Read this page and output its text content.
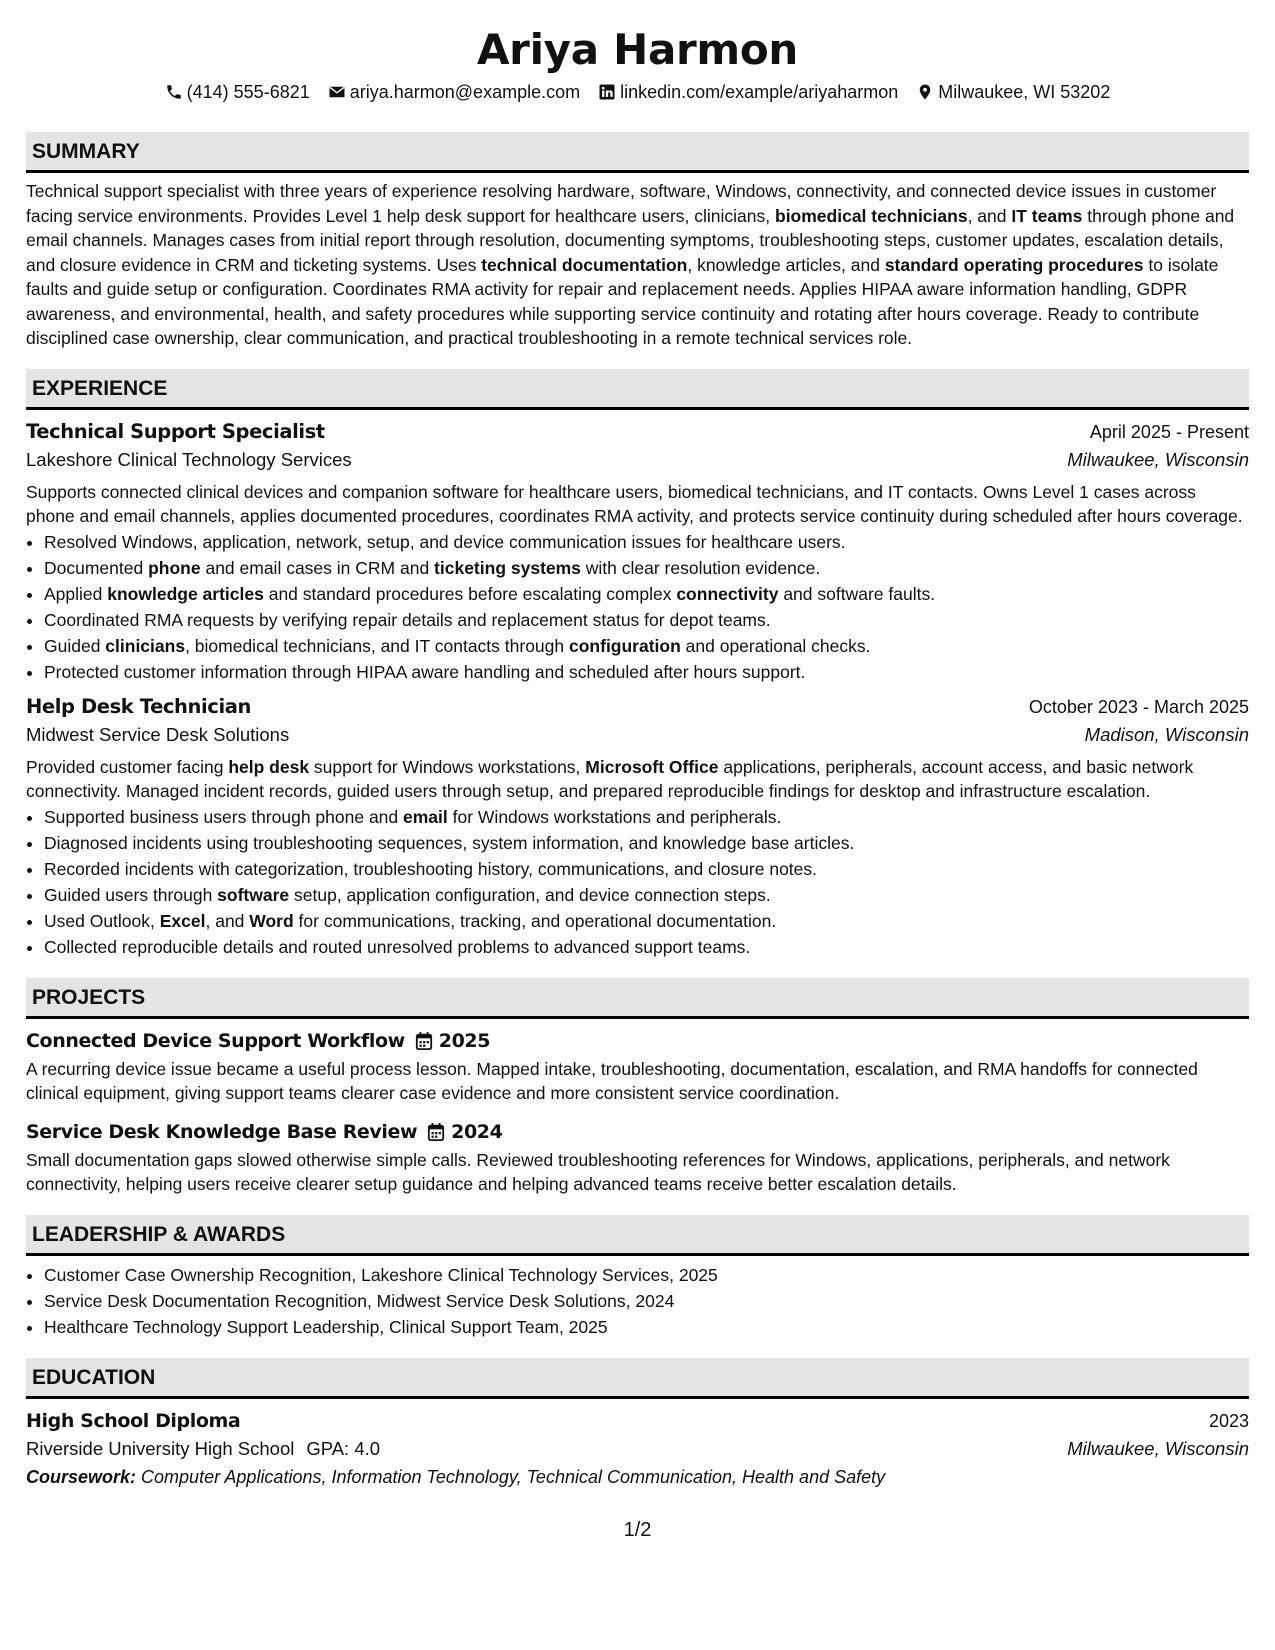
Ariya Harmon
(414) 555-6821 ariya.harmon@example.com linkedin.com/example/ariyaharmon Milwaukee, WI 53202
SUMMARY

Technical support specialist with three years of experience resolving hardware, software, Windows, connectivity, and connected device issues in customer facing service environments. Provides Level 1 help desk support for healthcare users, clinicians, biomedical technicians, and IT teams through phone and email channels. Manages cases from initial report through resolution, documenting symptoms, troubleshooting steps, customer updates, escalation details, and closure evidence in CRM and ticketing systems. Uses technical documentation, knowledge articles, and standard operating procedures to isolate faults and guide setup or configuration. Coordinates RMA activity for repair and replacement needs. Applies HIPAA aware information handling, GDPR awareness, and environmental, health, and safety procedures while supporting service continuity and rotating after hours coverage. Ready to contribute disciplined case ownership, clear communication, and practical troubleshooting in a remote technical services role.

EXPERIENCE
Technical Support Specialist	April 2025 - Present
Lakeshore Clinical Technology Services	Milwaukee, Wisconsin

Supports connected clinical devices and companion software for healthcare users, biomedical technicians, and IT contacts. Owns Level 1 cases across phone and email channels, applies documented procedures, coordinates RMA activity, and protects service continuity during scheduled after hours coverage.

• Resolved Windows, application, network, setup, and device communication issues for healthcare users.
• Documented phone and email cases in CRM and ticketing systems with clear resolution evidence.
• Applied knowledge articles and standard procedures before escalating complex connectivity and software faults.
• Coordinated RMA requests by verifying repair details and replacement status for depot teams.
• Guided clinicians, biomedical technicians, and IT contacts through configuration and operational checks.
• Protected customer information through HIPAA aware handling and scheduled after hours support.
Help Desk Technician	October 2023 - March 2025
Midwest Service Desk Solutions	Madison, Wisconsin

Provided customer facing help desk support for Windows workstations, Microsoft Office applications, peripherals, account access, and basic network connectivity. Managed incident records, guided users through setup, and prepared reproducible findings for desktop and infrastructure escalation.

• Supported business users through phone and email for Windows workstations and peripherals.
• Diagnosed incidents using troubleshooting sequences, system information, and knowledge base articles.
• Recorded incidents with categorization, troubleshooting history, communications, and closure notes.
• Guided users through software setup, application configuration, and device connection steps.
• Used Outlook, Excel, and Word for communications, tracking, and operational documentation.
• Collected reproducible details and routed unresolved problems to advanced support teams.
PROJECTS
Connected Device Support Workflow 2025

A recurring device issue became a useful process lesson. Mapped intake, troubleshooting, documentation, escalation, and RMA handoffs for connected clinical equipment, giving support teams clearer case evidence and more consistent service coordination.

Service Desk Knowledge Base Review 2024

Small documentation gaps slowed otherwise simple calls. Reviewed troubleshooting references for Windows, applications, peripherals, and network connectivity, helping users receive clearer setup guidance and helping advanced teams receive better escalation details.

LEADERSHIP & AWARDS
• Customer Case Ownership Recognition, Lakeshore Clinical Technology Services, 2025
• Service Desk Documentation Recognition, Midwest Service Desk Solutions, 2024
• Healthcare Technology Support Leadership, Clinical Support Team, 2025
EDUCATION
High School Diploma	2023
Riverside University High School GPA: 4.0	Milwaukee, Wisconsin
Coursework: Computer Applications, Information Technology, Technical Communication, Health and Safety
1/2
